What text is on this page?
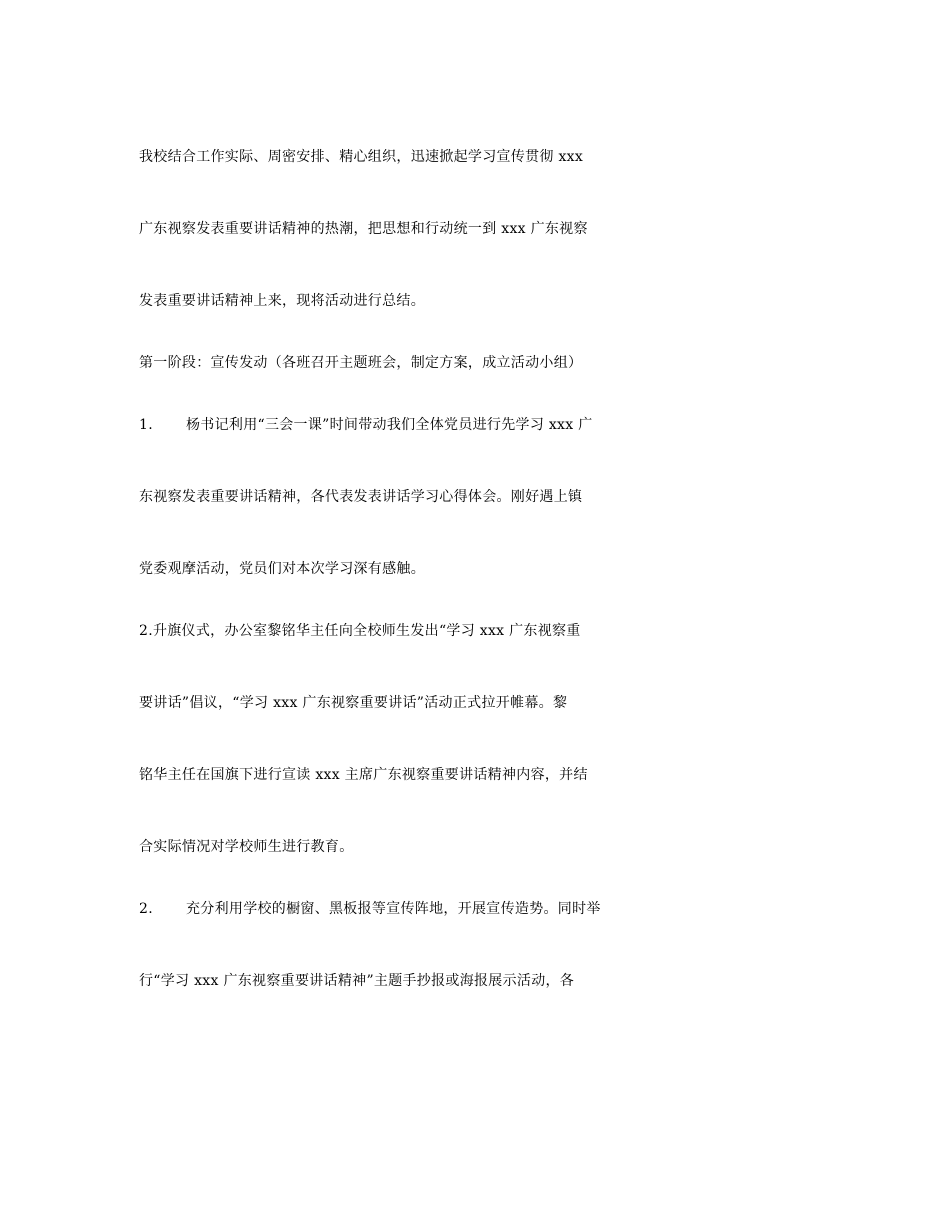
我校结合工作实际、周密安排、精心组织，迅速掀起学习宣传贯彻 xxx
广东视察发表重要讲话精神的热潮，把思想和行动统一到 xxx 广东视察
发表重要讲话精神上来，现将活动进行总结。
第一阶段：宣传发动（各班召开主题班会，制定方案，成立活动小组）
1. 杨书记利用“三会一课”时间带动我们全体党员进行先学习 xxx 广
东视察发表重要讲话精神，各代表发表讲话学习心得体会。刚好遇上镇
党委观摩活动，党员们对本次学习深有感触。
2.升旗仪式，办公室黎铭华主任向全校师生发出“学习 xxx 广东视察重
要讲话”倡议，“学习 xxx 广东视察重要讲话”活动正式拉开帷幕。黎
铭华主任在国旗下进行宣读 xxx 主席广东视察重要讲话精神内容，并结
合实际情况对学校师生进行教育。
2. 充分利用学校的橱窗、黑板报等宣传阵地，开展宣传造势。同时举
行“学习 xxx 广东视察重要讲话精神”主题手抄报或海报展示活动，各
